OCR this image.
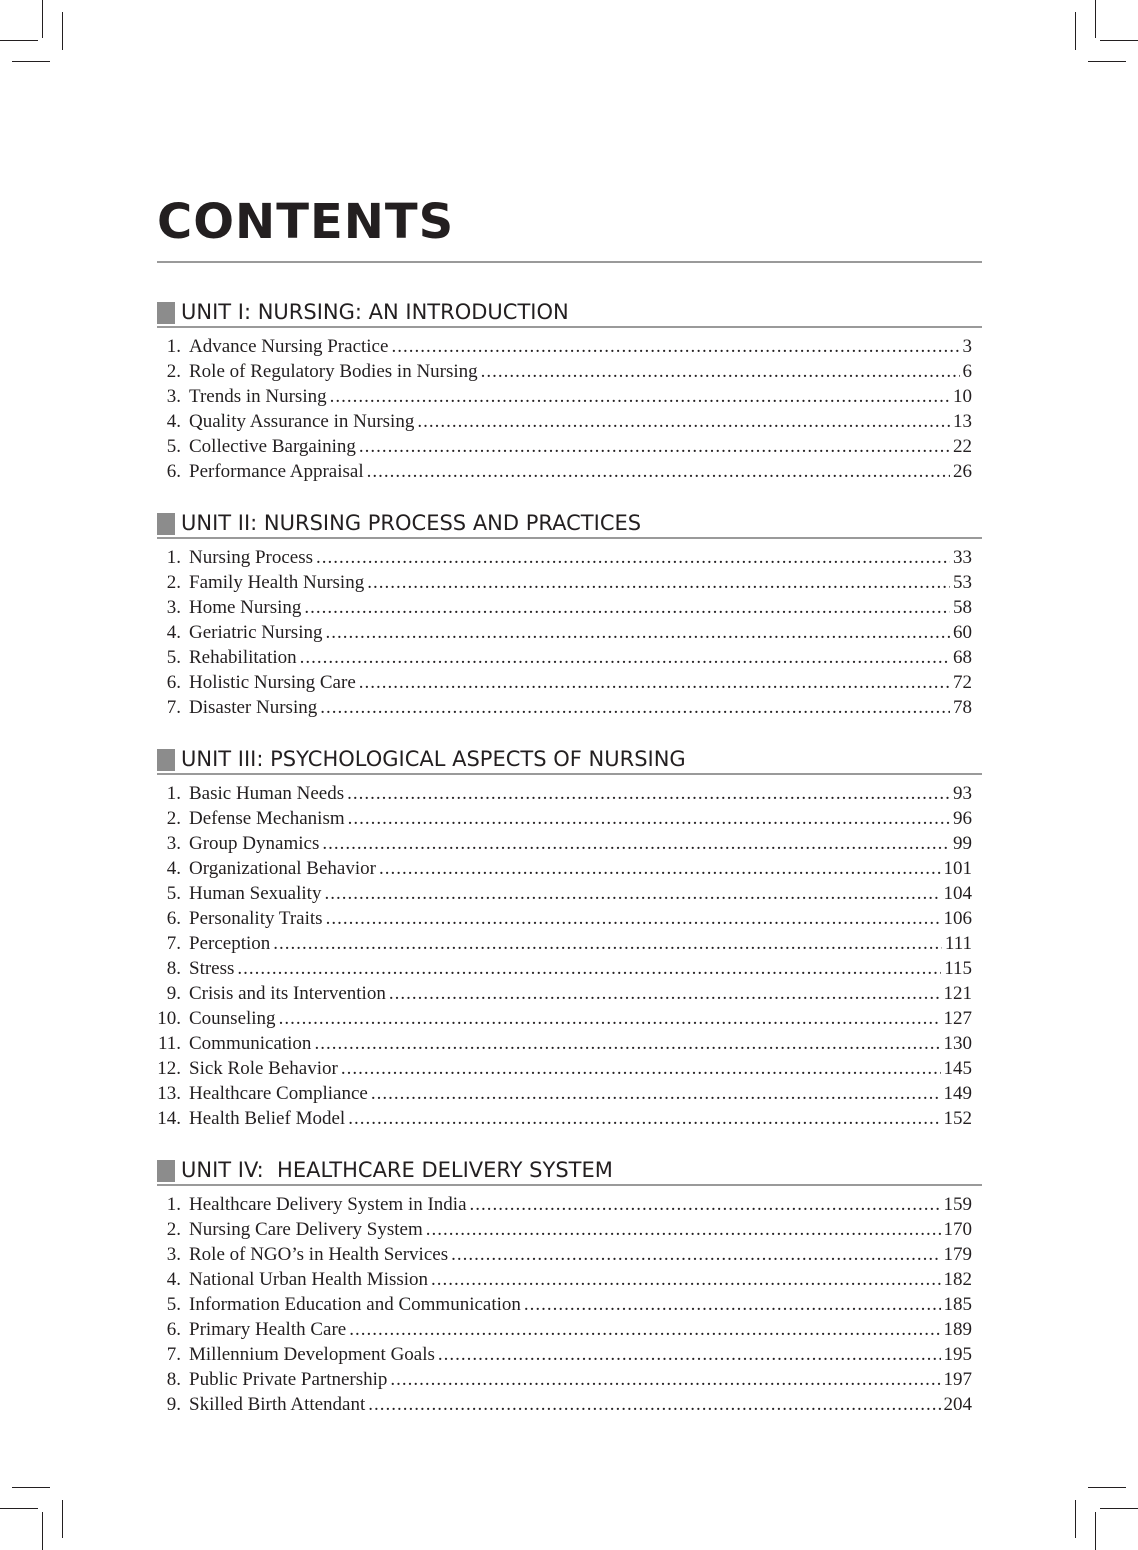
CONTENTS
UNIT I: NURSING: AN INTRODUCTION
1. Advance Nursing Practice .....	3
2. Role of Regulatory Bodies in Nursing .....	6
3. Trends in Nursing .....	10
4. Quality Assurance in Nursing .....	13
5. Collective Bargaining .....	22
6. Performance Appraisal .....	26
UNIT II: NURSING PROCESS AND PRACTICES
1. Nursing Process .....	33
2. Family Health Nursing .....	53
3. Home Nursing .....	58
4. Geriatric Nursing .....	60
5. Rehabilitation .....	68
6. Holistic Nursing Care .....	72
7. Disaster Nursing .....	78
UNIT III: PSYCHOLOGICAL ASPECTS OF NURSING
1. Basic Human Needs .....	93
2. Defense Mechanism .....	96
3. Group Dynamics .....	99
4. Organizational Behavior .....	101
5. Human Sexuality .....	104
6. Personality Traits .....	106
7. Perception .....	111
8. Stress .....	115
9. Crisis and its Intervention .....	121
10. Counseling .....	127
11. Communication .....	130
12. Sick Role Behavior .....	145
13. Healthcare Compliance .....	149
14. Health Belief Model .....	152
UNIT IV:  HEALTHCARE DELIVERY SYSTEM
1. Healthcare Delivery System in India .....	159
2. Nursing Care Delivery System .....	170
3. Role of NGO’s in Health Services .....	179
4. National Urban Health Mission .....	182
5. Information Education and Communication .....	185
6. Primary Health Care .....	189
7. Millennium Development Goals .....	195
8. Public Private Partnership .....	197
9. Skilled Birth Attendant .....	204
